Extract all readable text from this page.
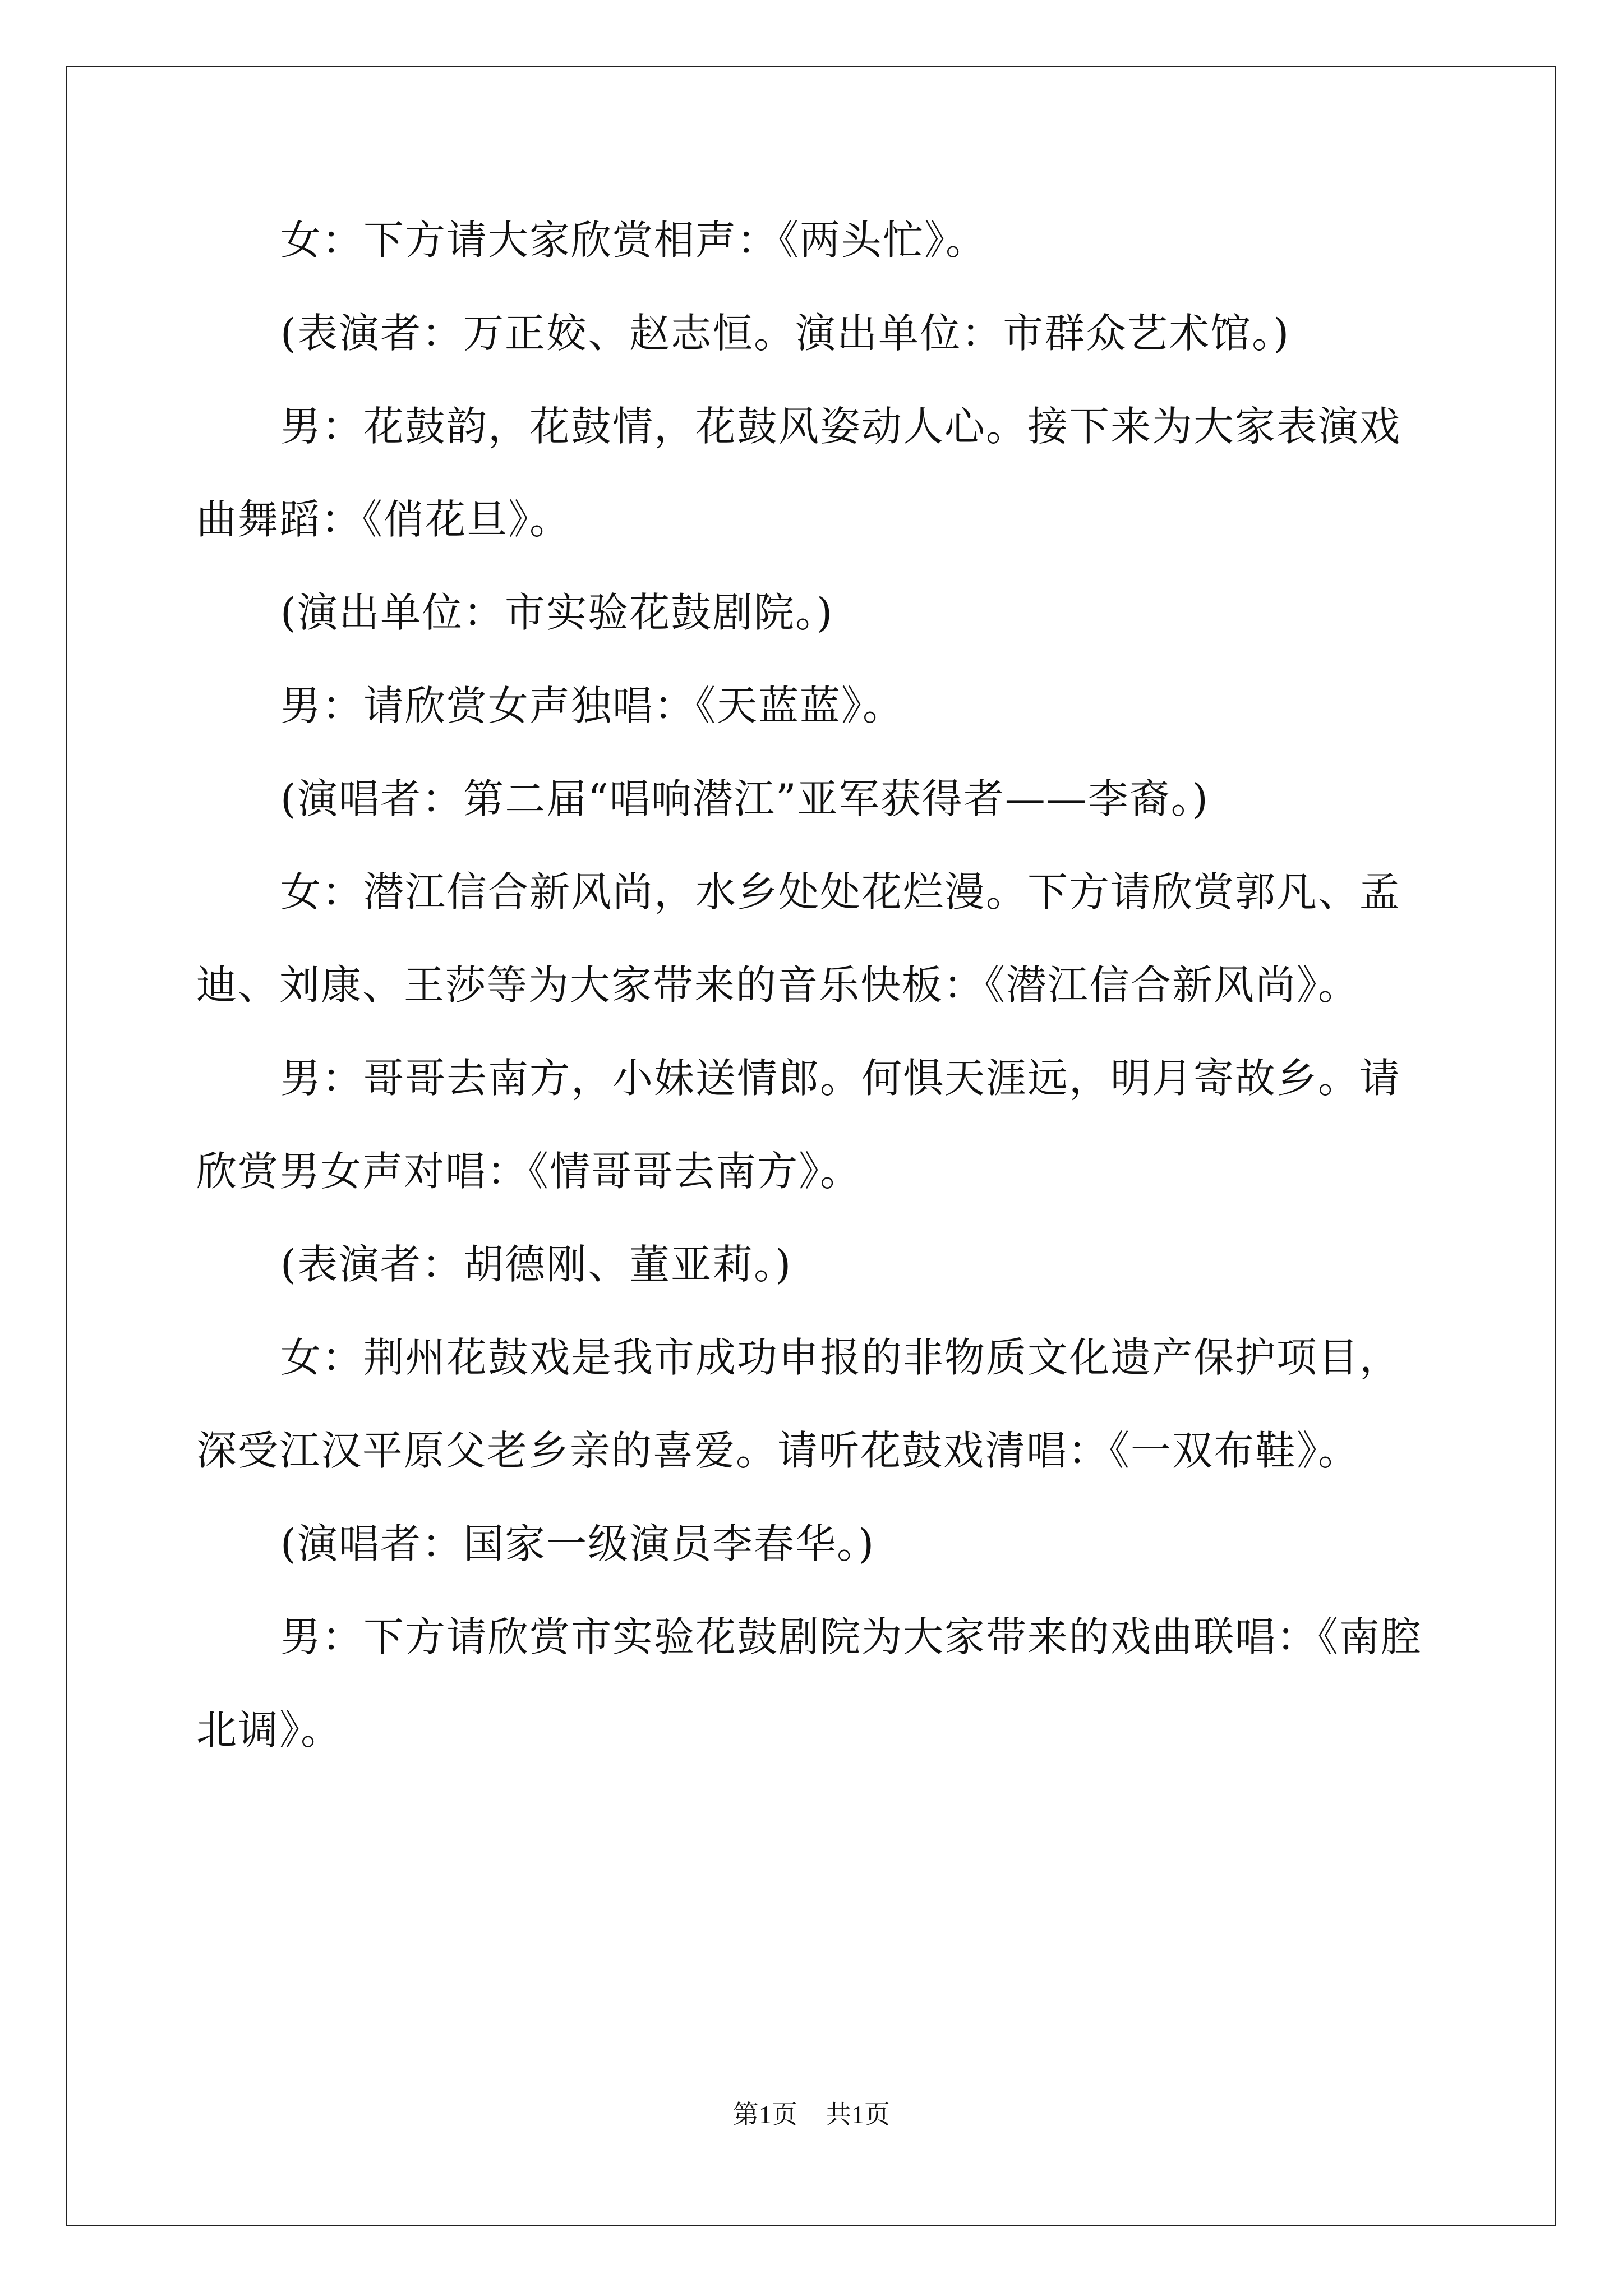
女：下方请大家欣赏相声：《两头忙》。

(表演者：万正姣、赵志恒。演出单位：市群众艺术馆。)

男：花鼓韵，花鼓情，花鼓风姿动人心。接下来为大家表演戏曲舞蹈：《俏花旦》。

(演出单位：市实验花鼓剧院。)

男：请欣赏女声独唱：《天蓝蓝》。

(演唱者：第二届“唱响潜江”亚军获得者——李裔。)

女：潜江信合新风尚，水乡处处花烂漫。下方请欣赏郭凡、孟迪、刘康、王莎等为大家带来的音乐快板：《潜江信合新风尚》。

男：哥哥去南方，小妹送情郎。何惧天涯远，明月寄故乡。请欣赏男女声对唱：《情哥哥去南方》。

(表演者：胡德刚、董亚莉。)

女：荆州花鼓戏是我市成功申报的非物质文化遗产保护项目，深受江汉平原父老乡亲的喜爱。请听花鼓戏清唱：《一双布鞋》。

(演唱者：国家一级演员李春华。)

男：下方请欣赏市实验花鼓剧院为大家带来的戏曲联唱：《南腔北调》。

第1页 共1页
